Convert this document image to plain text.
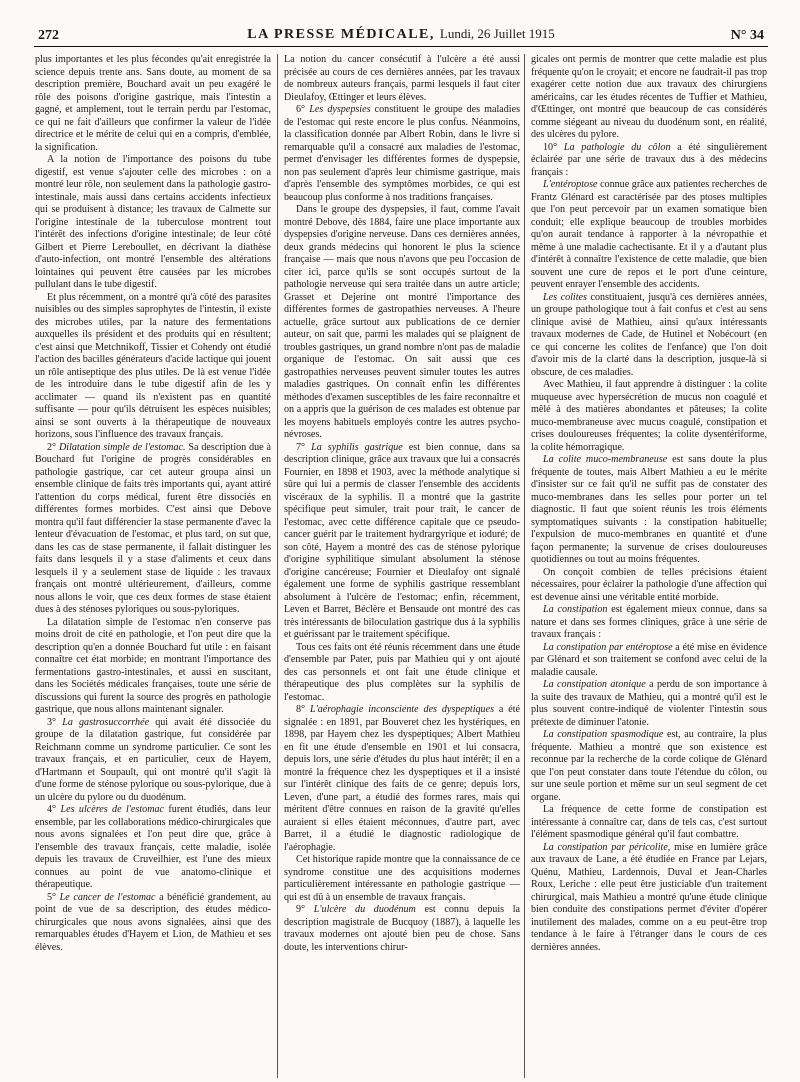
272	LA PRESSE MÉDICALE, Lundi, 26 Juillet 1915	N° 34

plus importantes et les plus fécondes qu'ait enregistrée la science depuis trente ans. Sans doute, au moment de sa description première, Bouchard avait un peu exagéré le rôle des poisons d'origine gastrique, mais l'intestin a gagné, et amplement, tout le terrain perdu par l'estomac, ce qui ne fait d'ailleurs que confirmer la valeur de l'idée directrice et le mérite de celui qui en a compris, d'emblée, la signification.

A la notion de l'importance des poisons du tube digestif, est venue s'ajouter celle des microbes : on a montré leur rôle, non seulement dans la pathologie gastro-intestinale, mais aussi dans certains accidents infectieux qui se produisent à distance; les travaux de Calmette sur l'origine intestinale de la tuberculose montrent tout l'intérêt des infections d'origine intestinale; de leur côté Gilbert et Pierre Lereboullet, en décrivant la diathèse d'auto-infection, ont montré l'ensemble des altérations lointaines qui peuvent être causées par les microbes pullulant dans le tube digestif.

Et plus récemment, on a montré qu'à côté des parasites nuisibles ou des simples saprophytes de l'intestin, il existe des microbes utiles, par la nature des fermentations auxquelles ils président et des produits qui en résultent; c'est ainsi que Metchnikoff, Tissier et Cohendy ont étudié l'action des bacilles générateurs d'acide lactique qui jouent un rôle antiseptique des plus utiles. De là est venue l'idée de les introduire dans le tube digestif afin de les y acclimater — quand ils n'existent pas en quantité suffisante — pour qu'ils détruisent les espèces nuisibles; ainsi se sont ouverts à la thérapeutique de nouveaux horizons, sous l'influence des travaux français.

2° Dilatation simple de l'estomac. Sa description due à Bouchard fut l'origine de progrès considérables en pathologie gastrique, car cet auteur groupa ainsi un ensemble clinique de faits très importants qui, ayant attiré l'attention du corps médical, furent être dissociés en différentes formes morbides. C'est ainsi que Debove montra qu'il faut différencier la stase permanente d'avec la lenteur d'évacuation de l'estomac, et plus tard, on sut que, dans les cas de stase permanente, il fallait distinguer les faits dans lesquels il y a stase d'aliments et ceux dans lesquels il y a seulement stase de liquide : les travaux français ont montré ultérieurement, d'ailleurs, comme nous allons le voir, que ces deux formes de stase étaient dues à des sténoses pyloriques ou sous-pyloriques.

La dilatation simple de l'estomac n'en conserve pas moins droit de cité en pathologie, et l'on peut dire que la description qu'en a donnée Bouchard fut utile : en faisant connaître cet état morbide; en montrant l'importance des fermentations gastro-intestinales, et aussi en suscitant, dans les Sociétés médicales françaises, toute une série de discussions qui furent la source des progrès en pathologie gastrique, que nous allons maintenant signaler.

3° La gastrosuccorrhée qui avait été dissociée du groupe de la dilatation gastrique, fut considérée par Reichmann comme un syndrome particulier. Ce sont les travaux français, et en particulier, ceux de Hayem, d'Hartmann et Soupault, qui ont montré qu'il s'agit là d'une forme de sténose pylorique ou sous-pylorique, due à un ulcère du pylore ou du duodénum.

4° Les ulcères de l'estomac furent étudiés, dans leur ensemble, par les collaborations médico-chirurgicales que nous avons signalées et l'on peut dire que, grâce à l'ensemble des travaux français, cette maladie, isolée depuis les travaux de Cruveilhier, est l'une des mieux connues au point de vue anatomo-clinique et thérapeutique.

5° Le cancer de l'estomac a bénéficié grandement, au point de vue de sa description, des études médico-chirurgicales que nous avons signalées, ainsi que des remarquables études d'Hayem et Lion, de Mathieu et ses élèves.

La notion du cancer consécutif à l'ulcère a été aussi précisée au cours de ces dernières années, par les travaux de nombreux auteurs français, parmi lesquels il faut citer Dieulafoy, Œttinger et leurs élèves.

6° Les dyspepsies constituent le groupe des maladies de l'estomac qui reste encore le plus confus. Néanmoins, la classification donnée par Albert Robin, dans le livre si remarquable qu'il a consacré aux maladies de l'estomac, permet d'envisager les différentes formes de dyspepsie, non pas seulement d'après leur chimisme gastrique, mais d'après l'ensemble des symptômes morbides, ce qui est beaucoup plus conforme à nos traditions françaises.

Dans le groupe des dyspepsies, il faut, comme l'avait montré Debove, dès 1884, faire une place importante aux dyspepsies d'origine nerveuse. Dans ces dernières années, deux grands médecins qui honorent le plus la science française — mais que nous n'avons que peu l'occasion de citer ici, parce qu'ils se sont occupés surtout de la pathologie nerveuse qui sera traitée dans un autre article; Grasset et Dejerine ont montré l'importance des différentes formes de gastropathies nerveuses. A l'heure actuelle, grâce surtout aux publications de ce dernier auteur, on sait que, parmi les malades qui se plaignent de troubles gastriques, un grand nombre n'ont pas de maladie organique de l'estomac. On sait aussi que ces gastropathies nerveuses peuvent simuler toutes les autres maladies gastriques. On connaît enfin les différentes méthodes d'examen susceptibles de les faire reconnaître et on a appris que la guérison de ces malades est obtenue par les moyens habituels employés contre les autres psycho-névroses.

7° La syphilis gastrique est bien connue, dans sa description clinique, grâce aux travaux que lui a consacrés Fournier, en 1898 et 1903, avec la méthode analytique si sûre qui lui a permis de classer l'ensemble des accidents viscéraux de la syphilis. Il a montré que la gastrite spécifique peut simuler, trait pour trait, le cancer de l'estomac, avec cette différence capitale que ce pseudo-cancer guérit par le traitement hydrargyrique et ioduré; de son côté, Hayem a montré des cas de sténose pylorique d'origine syphilitique simulant absolument la sténose d'origine cancéreuse; Fournier et Dieulafoy ont signalé également une forme de syphilis gastrique ressemblant absolument à l'ulcère de l'estomac; enfin, récemment, Leven et Barret, Béclère et Bensaude ont montré des cas très intéressants de biloculation gastrique dus à la syphilis et guérissant par le traitement spécifique.

Tous ces faits ont été réunis récemment dans une étude d'ensemble par Pater, puis par Mathieu qui y ont ajouté des cas personnels et ont fait une étude clinique et thérapeutique des plus complètes sur la syphilis de l'estomac.

8° L'aérophagie inconsciente des dyspeptiques a été signalée : en 1891, par Bouveret chez les hystériques, en 1898, par Hayem chez les dyspeptiques; Albert Mathieu en fit une étude d'ensemble en 1901 et lui consacra, depuis lors, une série d'études du plus haut intérêt; il en a montré la fréquence chez les dyspeptiques et il a insisté sur l'intérêt clinique des faits de ce genre; depuis lors, Leven, d'une part, a étudié des formes rares, mais qui méritent d'être connues en raison de la gravité qu'elles auraient si elles étaient méconnues, d'autre part, avec Barret, il a étudié le diagnostic radiologique de l'aérophagie.

Cet historique rapide montre que la connaissance de ce syndrome constitue une des acquisitions modernes particulièrement intéressante en pathologie gastrique — qui est dû à un ensemble de travaux français.

9° L'ulcère du duodénum est connu depuis la description magistrale de Bucquoy (1887), à laquelle les travaux modernes ont ajouté bien peu de chose. Sans doute, les interventions chirur-

gicales ont permis de montrer que cette maladie est plus fréquente qu'on le croyait; et encore ne faudrait-il pas trop exagérer cette notion due aux travaux des chirurgiens américains, car les études récentes de Tuffier et Mathieu, d'Œttinger, ont montré que beaucoup de cas considérés comme siégeant au niveau du duodénum sont, en réalité, des ulcères du pylore.

10° La pathologie du côlon a été singulièrement éclairée par une série de travaux dus à des médecins français :

L'entéroptose connue grâce aux patientes recherches de Frantz Glénard est caractérisée par des ptoses multiples que l'on peut percevoir par un examen somatique bien conduit; elle explique beaucoup de troubles morbides qu'on aurait tendance à rapporter à la névropathie et même à une maladie cachectisante. Et il y a d'autant plus d'intérêt à connaître l'existence de cette maladie, que bien souvent une cure de repos et le port d'une ceinture, peuvent enrayer l'ensemble des accidents.

Les colites constituaient, jusqu'à ces dernières années, un groupe pathologique tout à fait confus et c'est au sens clinique avisé de Mathieu, ainsi qu'aux intéressants travaux modernes de Cade, de Hutinel et Nobécourt (en ce qui concerne les colites de l'enfance) que l'on doit d'avoir mis de la clarté dans la description, jusque-là si obscure, de ces maladies.

Avec Mathieu, il faut apprendre à distinguer : la colite muqueuse avec hypersécrétion de mucus non coagulé et mêlé à des matières abondantes et pâteuses; la colite muco-membraneuse avec mucus coagulé, constipation et crises douloureuses fréquentes; la colite dysentériforme, la colite hémorragique.

La colite muco-membraneuse est sans doute la plus fréquente de toutes, mais Albert Mathieu a eu le mérite d'insister sur ce fait qu'il ne suffit pas de constater des muco-membranes dans les selles pour porter un tel diagnostic. Il faut que soient réunis les trois éléments symptomatiques suivants : la constipation habituelle; l'expulsion de muco-membranes en quantité et d'une façon permanente; la survenue de crises douloureuses quotidiennes ou tout au moins fréquentes.

On conçoit combien de telles précisions étaient nécessaires, pour éclairer la pathologie d'une affection qui est devenue ainsi une véritable entité morbide.

La constipation est également mieux connue, dans sa nature et dans ses formes cliniques, grâce à une série de travaux français :

La constipation par entéroptose a été mise en évidence par Glénard et son traitement se confond avec celui de la maladie causale.

La constipation atonique a perdu de son importance à la suite des travaux de Mathieu, qui a montré qu'il est le plus souvent contre-indiqué de violenter l'intestin sous prétexte de diminuer l'atonie.

La constipation spasmodique est, au contraire, la plus fréquente. Mathieu a montré que son existence est reconnue par la recherche de la corde colique de Glénard que l'on peut constater dans toute l'étendue du côlon, ou sur une seule portion et même sur un seul segment de cet organe.

La fréquence de cette forme de constipation est intéressante à connaître car, dans de tels cas, c'est surtout l'élément spasmodique général qu'il faut combattre.

La constipation par péricolite, mise en lumière grâce aux travaux de Lane, a été étudiée en France par Lejars, Quénu, Mathieu, Lardennois, Duval et Jean-Charles Roux, Leriche : elle peut être justiciable d'un traitement chirurgical, mais Mathieu a montré qu'une étude clinique bien conduite des constipations permet d'éviter d'opérer inutilement des malades, comme on a eu peut-être trop tendance à le faire à l'étranger dans le cours de ces dernières années.
